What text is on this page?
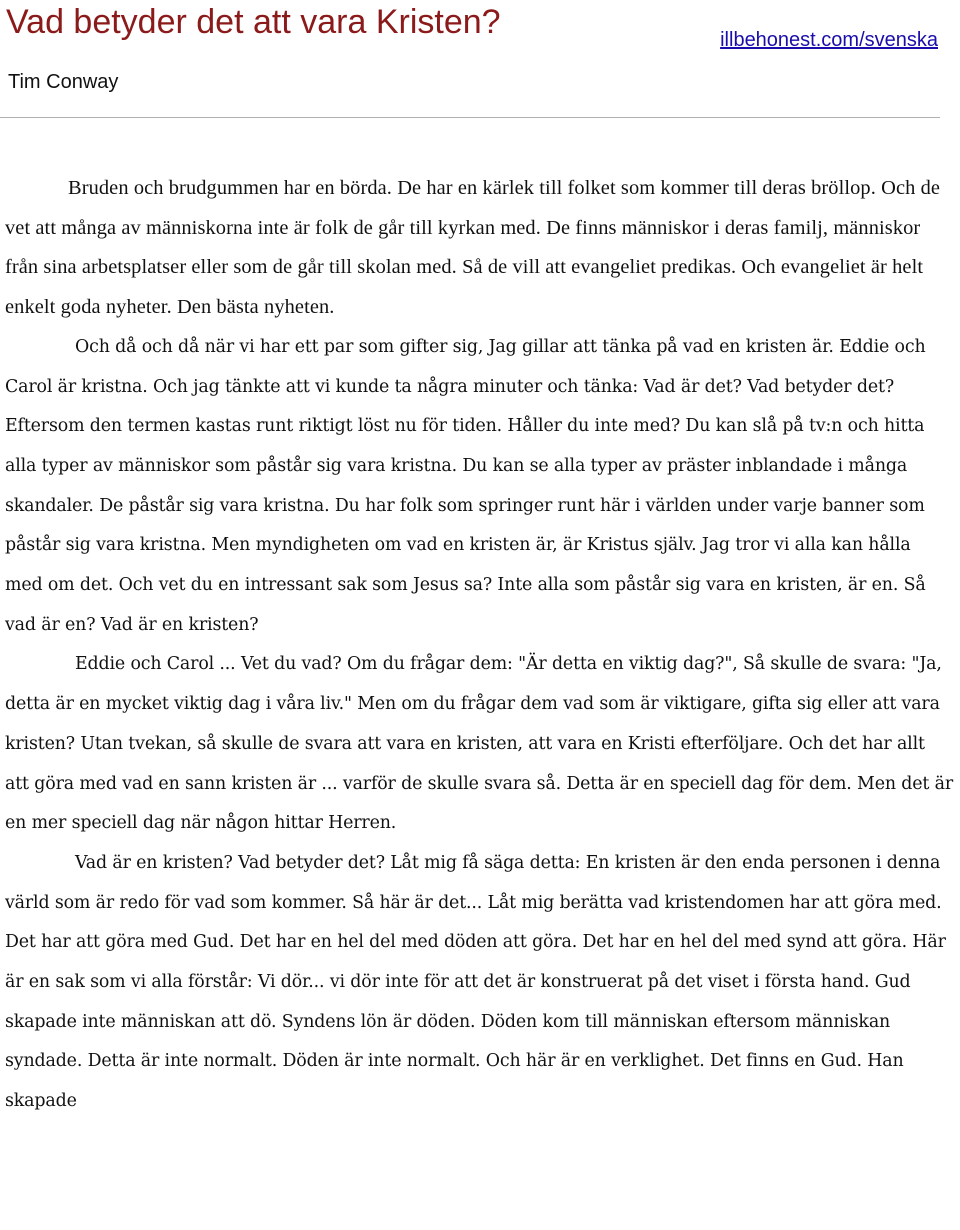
Vad betyder det att vara Kristen?	illbehonest.com/svenska
Tim Conway

Bruden och brudgummen har en börda. De har en kärlek till folket som kommer till deras bröllop. Och de vet att många av människorna inte är folk de går till kyrkan med. De finns människor i deras familj, människor från sina arbetsplatser eller som de går till skolan med. Så de vill att evangeliet predikas. Och evangeliet är helt enkelt goda nyheter. Den bästa nyheten.

Och då och då när vi har ett par som gifter sig, Jag gillar att tänka på vad en kristen är. Eddie och Carol är kristna. Och jag tänkte att vi kunde ta några minuter och tänka: Vad är det? Vad betyder det? Eftersom den termen kastas runt riktigt löst nu för tiden. Håller du inte med? Du kan slå på tv:n och hitta alla typer av människor som påstår sig vara kristna. Du kan se alla typer av präster inblandade i många skandaler. De påstår sig vara kristna. Du har folk som springer runt här i världen under varje banner som påstår sig vara kristna. Men myndigheten om vad en kristen är, är Kristus själv. Jag tror vi alla kan hålla med om det. Och vet du en intressant sak som Jesus sa? Inte alla som påstår sig vara en kristen, är en. Så vad är en? Vad är en kristen?

Eddie och Carol ... Vet du vad? Om du frågar dem: "Är detta en viktig dag?", Så skulle de svara: "Ja, detta är en mycket viktig dag i våra liv." Men om du frågar dem vad som är viktigare, gifta sig eller att vara kristen? Utan tvekan, så skulle de svara att vara en kristen, att vara en Kristi efterföljare. Och det har allt att göra med vad en sann kristen är ... varför de skulle svara så. Detta är en speciell dag för dem. Men det är en mer speciell dag när någon hittar Herren.

Vad är en kristen? Vad betyder det? Låt mig få säga detta: En kristen är den enda personen i denna värld som är redo för vad som kommer. Så här är det... Låt mig berätta vad kristendomen har att göra med. Det har att göra med Gud. Det har en hel del med döden att göra. Det har en hel del med synd att göra. Här är en sak som vi alla förstår: Vi dör... vi dör inte för att det är konstruerat på det viset i första hand. Gud skapade inte människan att dö. Syndens lön är döden. Döden kom till människan eftersom människan syndade. Detta är inte normalt. Döden är inte normalt. Och här är en verklighet. Det finns en Gud. Han skapade
